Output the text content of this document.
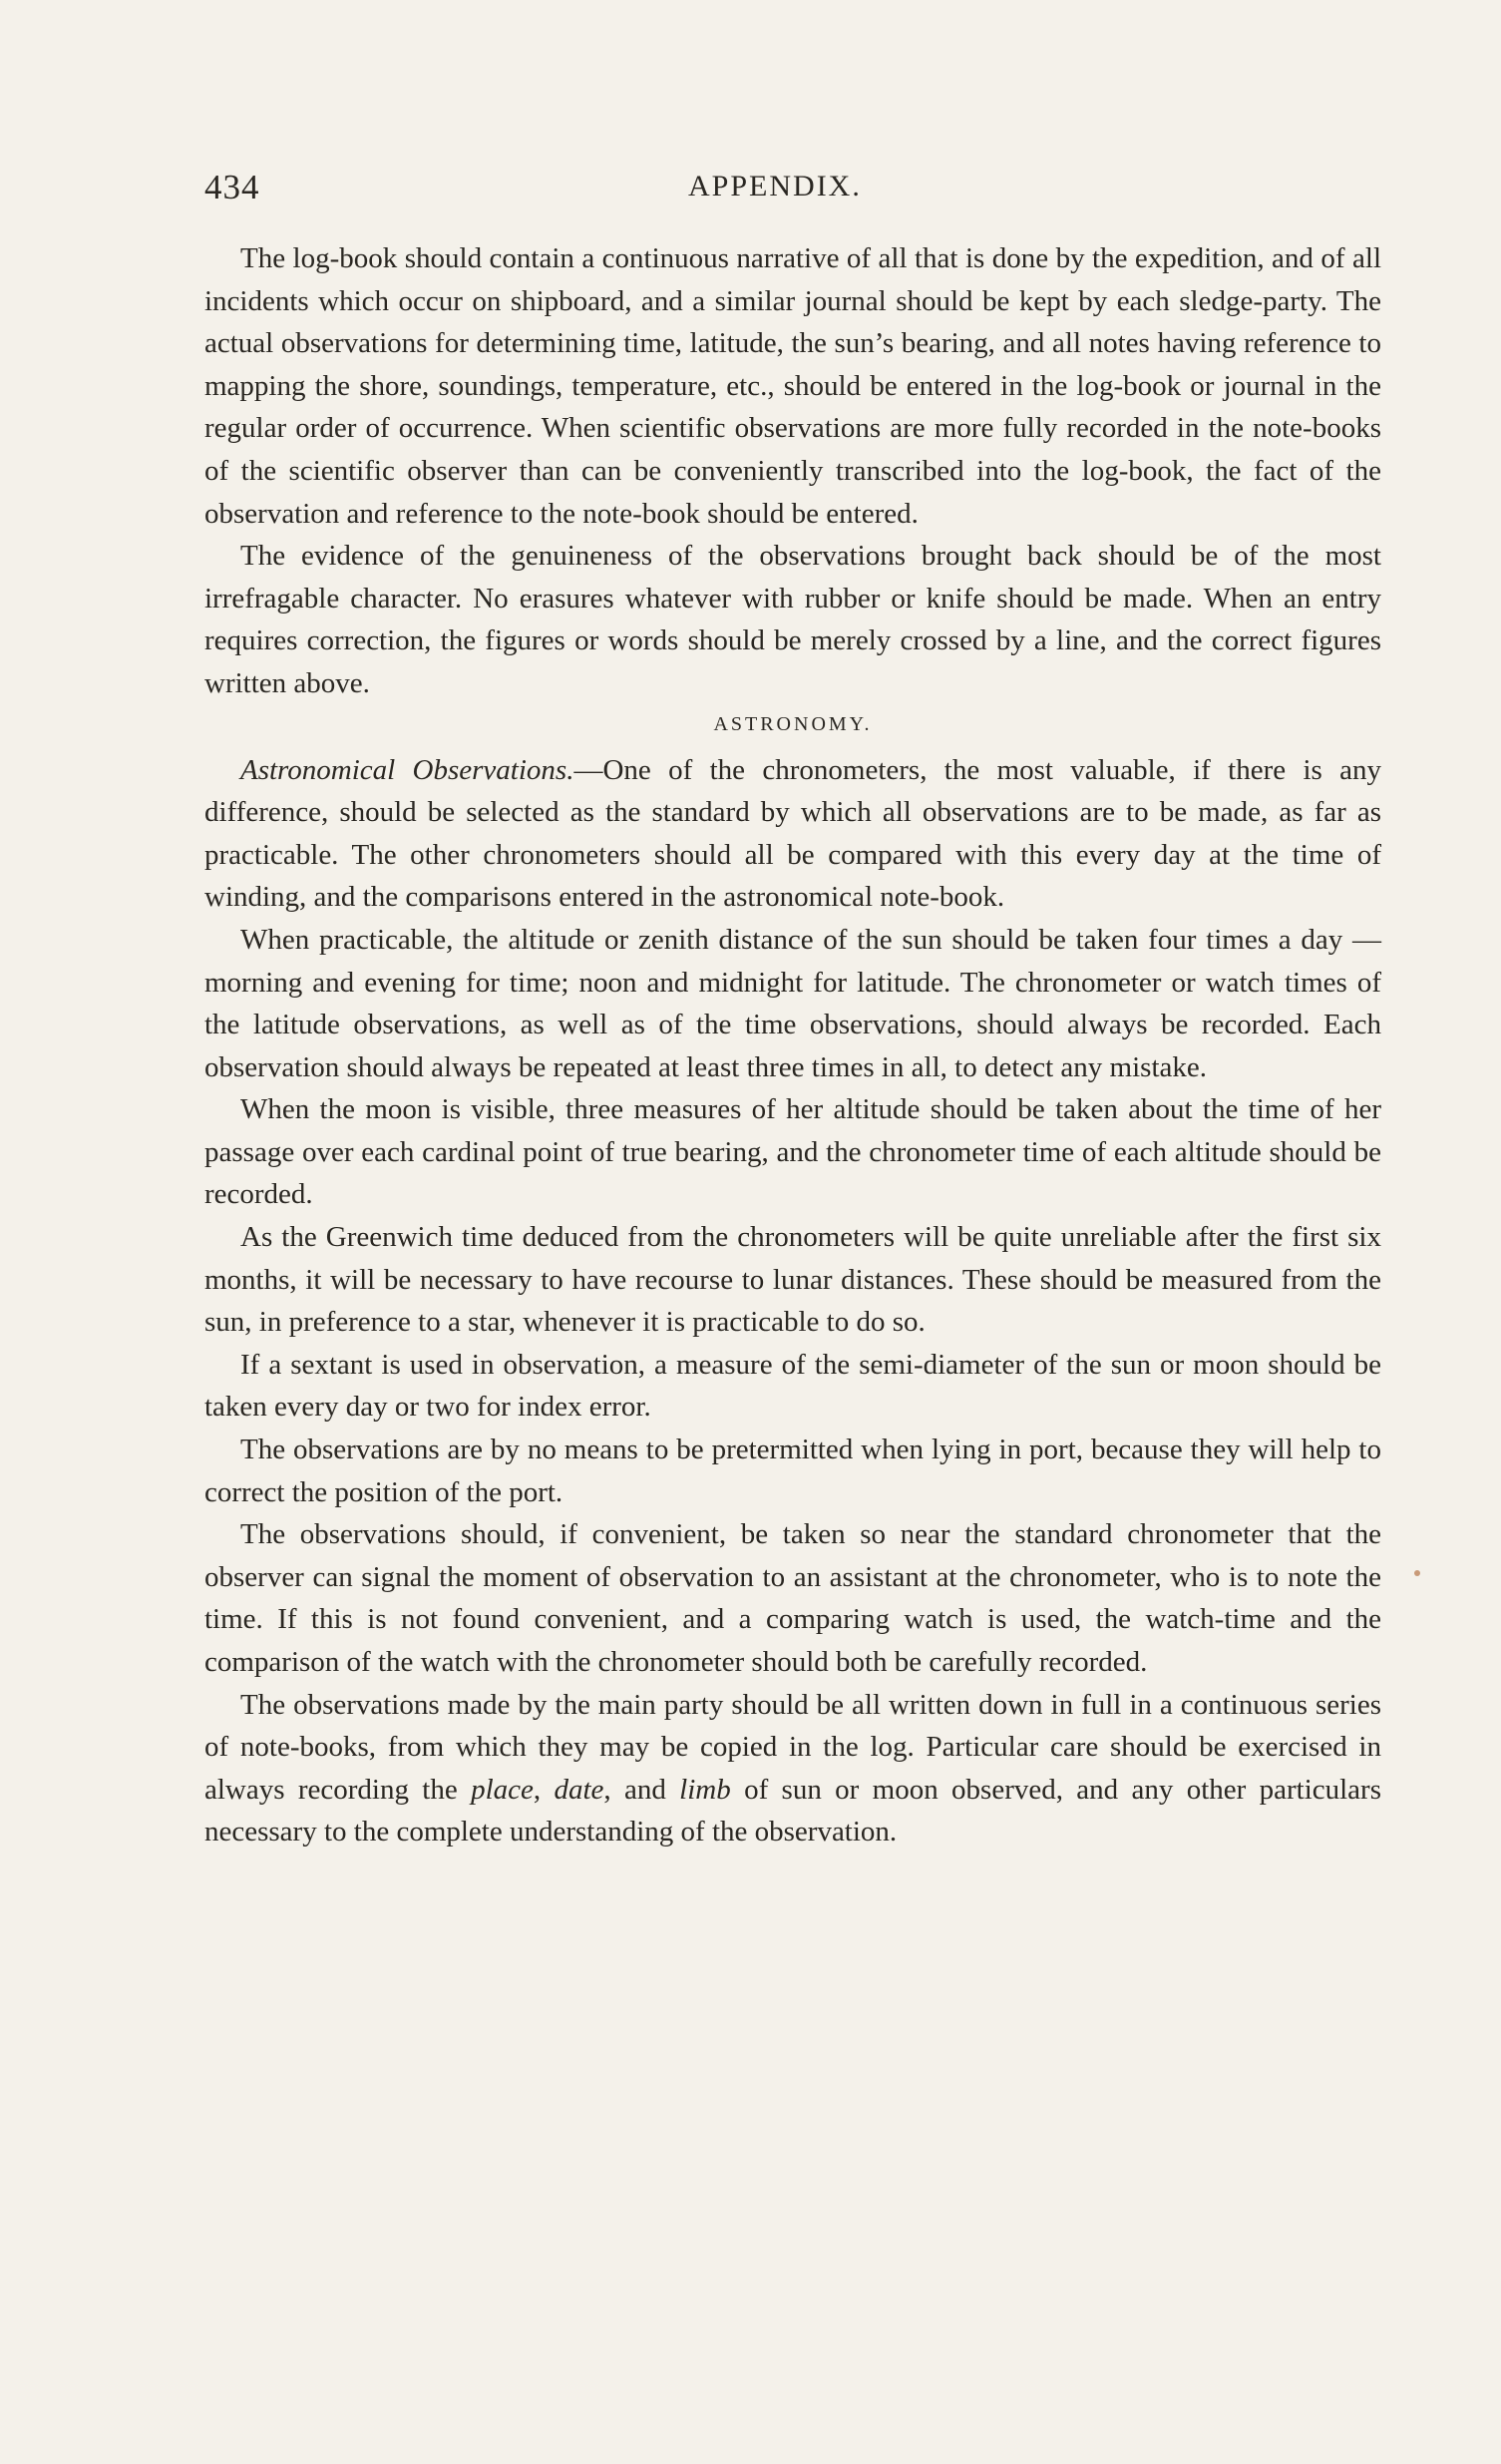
434	APPENDIX.

The log-book should contain a continuous narrative of all that is done by the expedition, and of all incidents which occur on shipboard, and a similar journal should be kept by each sledge-party. The actual observations for determining time, latitude, the sun’s bearing, and all notes having reference to mapping the shore, soundings, temperature, etc., should be entered in the log-book or journal in the regular order of occurrence. When scientific observations are more fully recorded in the note-books of the scientific observer than can be conveniently transcribed into the log-book, the fact of the observation and reference to the note-book should be entered.

The evidence of the genuineness of the observations brought back should be of the most irrefragable character. No erasures whatever with rubber or knife should be made. When an entry requires correction, the figures or words should be merely crossed by a line, and the correct figures written above.

ASTRONOMY.

Astronomical Observations.—One of the chronometers, the most valuable, if there is any difference, should be selected as the standard by which all observations are to be made, as far as practicable. The other chronometers should all be compared with this every day at the time of winding, and the comparisons entered in the astronomical note-book.

When practicable, the altitude or zenith distance of the sun should be taken four times a day — morning and evening for time; noon and midnight for latitude. The chronometer or watch times of the latitude observations, as well as of the time observations, should always be recorded. Each observation should always be repeated at least three times in all, to detect any mistake.

When the moon is visible, three measures of her altitude should be taken about the time of her passage over each cardinal point of true bearing, and the chronometer time of each altitude should be recorded.

As the Greenwich time deduced from the chronometers will be quite unreliable after the first six months, it will be necessary to have recourse to lunar distances. These should be measured from the sun, in preference to a star, whenever it is practicable to do so.

If a sextant is used in observation, a measure of the semi-diameter of the sun or moon should be taken every day or two for index error.

The observations are by no means to be pretermitted when lying in port, because they will help to correct the position of the port.

The observations should, if convenient, be taken so near the standard chronometer that the observer can signal the moment of observation to an assistant at the chronometer, who is to note the time. If this is not found convenient, and a comparing watch is used, the watch-time and the comparison of the watch with the chronometer should both be carefully recorded.

The observations made by the main party should be all written down in full in a continuous series of note-books, from which they may be copied in the log. Particular care should be exercised in always recording the place, date, and limb of sun or moon observed, and any other particulars necessary to the complete understanding of the observation.
